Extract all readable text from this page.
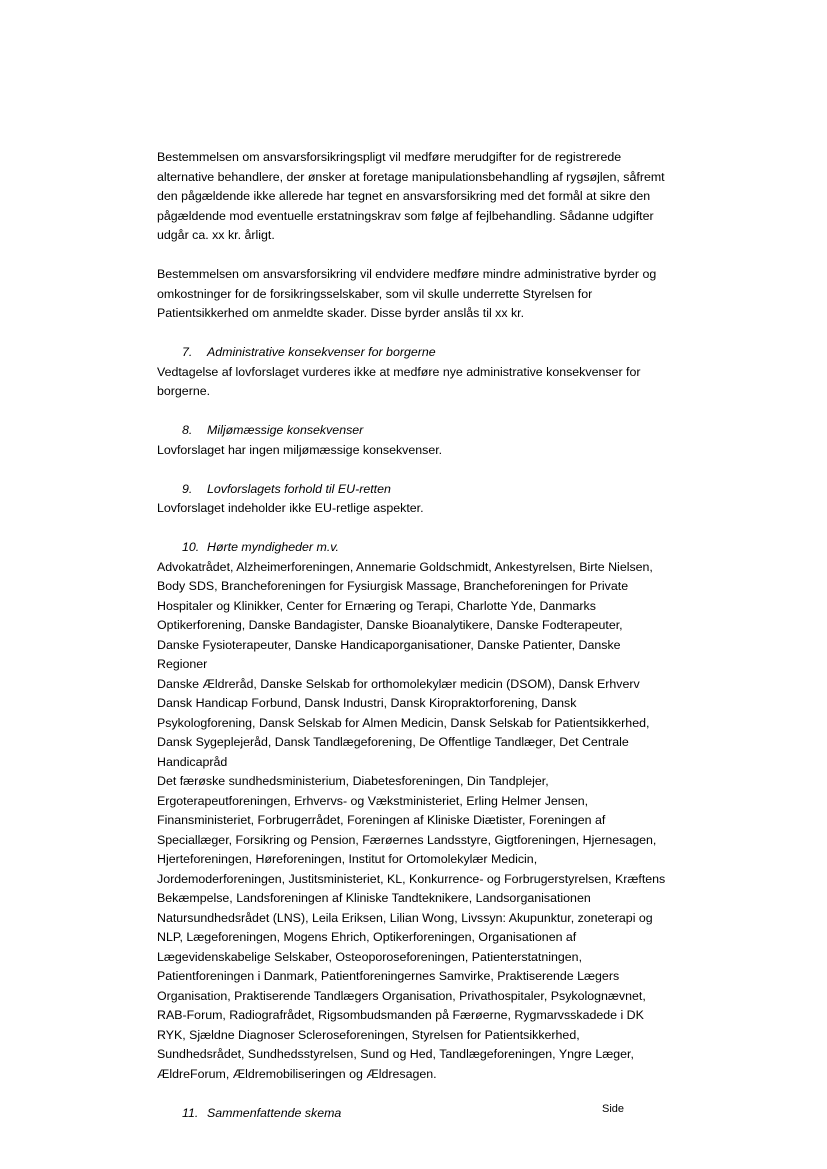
Bestemmelsen om ansvarsforsikringspligt vil medføre merudgifter for de registrerede alternative behandlere, der ønsker at foretage manipulationsbehandling af rygsøjlen, såfremt den pågældende ikke allerede har tegnet en ansvarsforsikring med det formål at sikre den pågældende mod eventuelle erstatningskrav som følge af fejlbehandling. Sådanne udgifter udgår ca. xx kr. årligt.

Bestemmelsen om ansvarsforsikring vil endvidere medføre mindre administrative byrder og omkostninger for de forsikringsselskaber, som vil skulle underrette Styrelsen for Patientsikkerhed om anmeldte skader. Disse byrder anslås til xx kr.

7. Administrative konsekvenser for borgerne

Vedtagelse af lovforslaget vurderes ikke at medføre nye administrative konsekvenser for borgerne.

8. Miljømæssige konsekvenser

Lovforslaget har ingen miljømæssige konsekvenser.

9. Lovforslagets forhold til EU-retten

Lovforslaget indeholder ikke EU-retlige aspekter.

10. Hørte myndigheder m.v.

Advokatrådet, Alzheimerforeningen, Annemarie Goldschmidt, Ankestyrelsen, Birte Nielsen, Body SDS, Brancheforeningen for Fysiurgisk Massage, Brancheforeningen for Private Hospitaler og Klinikker, Center for Ernæring og Terapi, Charlotte Yde, Danmarks Optikerforening, Danske Bandagister, Danske Bioanalytikere, Danske Fodterapeuter, Danske Fysioterapeuter, Danske Handicaporganisationer, Danske Patienter, Danske Regioner

Danske Ældreråd, Danske Selskab for orthomolekylær medicin (DSOM), Dansk Erhverv Dansk Handicap Forbund, Dansk Industri, Dansk Kiropraktorforening, Dansk Psykologforening, Dansk Selskab for Almen Medicin, Dansk Selskab for Patientsikkerhed, Dansk Sygeplejeråd, Dansk Tandlægeforening, De Offentlige Tandlæger, Det Centrale Handicapråd

Det færøske sundhedsministerium, Diabetesforeningen, Din Tandplejer, Ergoterapeutforeningen, Erhvervs- og Vækstministeriet, Erling Helmer Jensen, Finansministeriet, Forbrugerrådet, Foreningen af Kliniske Diætister, Foreningen af Speciallæger, Forsikring og Pension, Færøernes Landsstyre, Gigtforeningen, Hjernesagen, Hjerteforeningen, Høreforeningen, Institut for Ortomolekylær Medicin, Jordemoderforeningen, Justitsministeriet, KL, Konkurrence- og Forbrugerstyrelsen, Kræftens Bekæmpelse, Landsforeningen af Kliniske Tandteknikere, Landsorganisationen Natursundhedsrådet (LNS), Leila Eriksen, Lilian Wong, Livssyn: Akupunktur, zoneterapi og NLP, Lægeforeningen, Mogens Ehrich, Optikerforeningen, Organisationen af Lægevidenskabelige Selskaber, Osteoporoseforeningen, Patienterstatningen, Patientforeningen i Danmark, Patientforeningernes Samvirke, Praktiserende Lægers Organisation, Praktiserende Tandlægers Organisation, Privathospitaler, Psykolognævnet, RAB-Forum, Radiografrådet, Rigsombudsmanden på Færøerne, Rygmarvsskadede i DK RYK, Sjældne Diagnoser Scleroseforeningen, Styrelsen for Patientsikkerhed, Sundhedsrådet, Sundhedsstyrelsen, Sund og Hed, Tandlægeforeningen, Yngre Læger, ÆldreForum, Ældremobiliseringen og Ældresagen.

11. Sammenfattende skema	Side
